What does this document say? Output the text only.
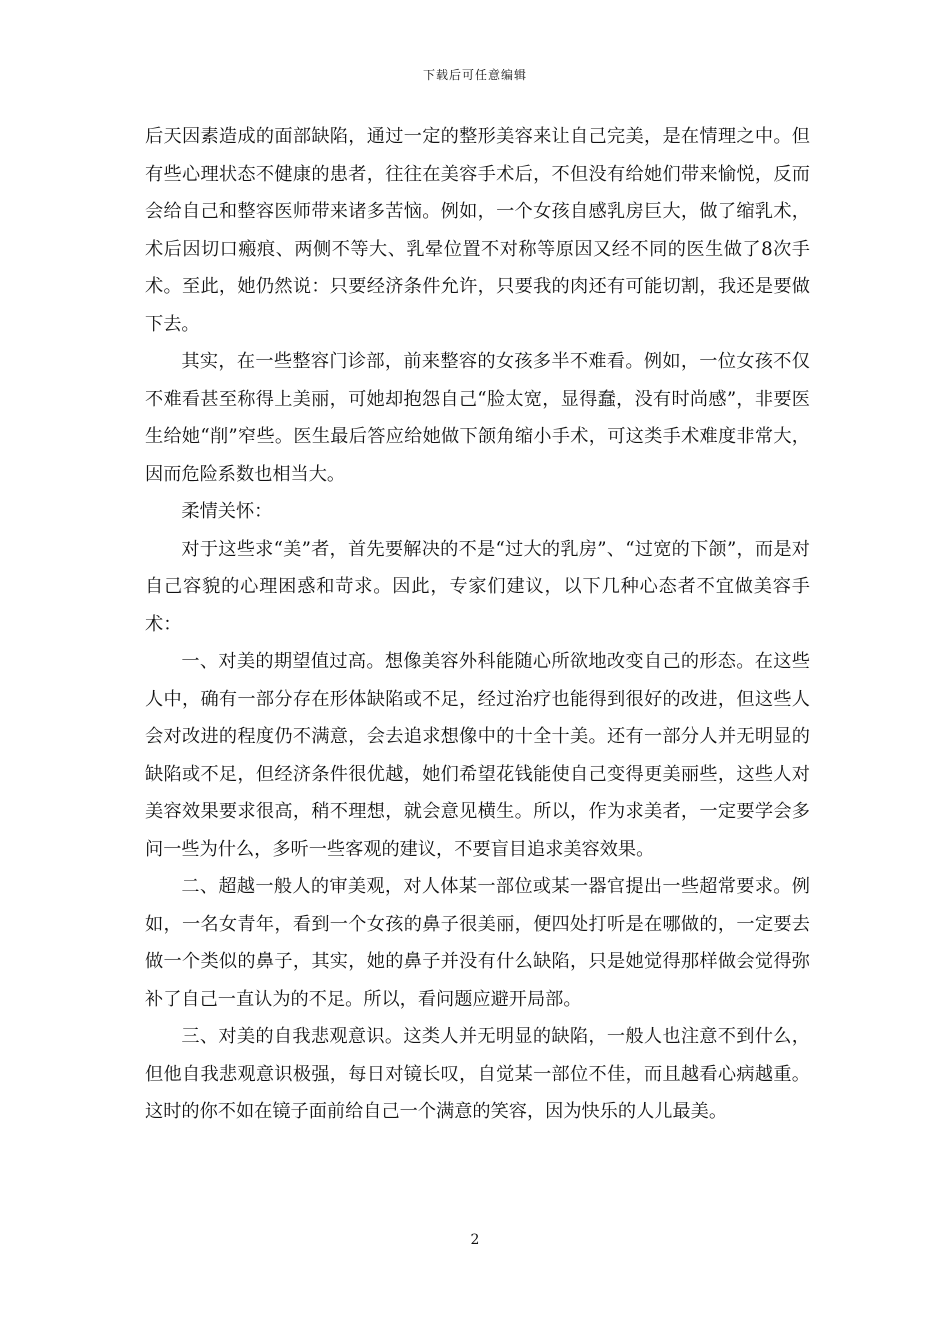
下载后可任意编辑

后天因素造成的面部缺陷，通过一定的整形美容来让自己完美，是在情理之中。但有些心理状态不健康的患者，往往在美容手术后，不但没有给她们带来愉悦，反而会给自己和整容医师带来诸多苦恼。例如，一个女孩自感乳房巨大，做了缩乳术，术后因切口瘢痕、两侧不等大、乳晕位置不对称等原因又经不同的医生做了8次手术。至此，她仍然说：只要经济条件允许，只要我的肉还有可能切割，我还是要做下去。

其实，在一些整容门诊部，前来整容的女孩多半不难看。例如，一位女孩不仅不难看甚至称得上美丽，可她却抱怨自己“脸太宽，显得蠢，没有时尚感”，非要医生给她“削”窄些。医生最后答应给她做下颌角缩小手术，可这类手术难度非常大，因而危险系数也相当大。

柔情关怀：

对于这些求“美”者，首先要解决的不是“过大的乳房”、“过宽的下颌”，而是对自己容貌的心理困惑和苛求。因此，专家们建议，以下几种心态者不宜做美容手术：

一、对美的期望值过高。想像美容外科能随心所欲地改变自己的形态。在这些人中，确有一部分存在形体缺陷或不足，经过治疗也能得到很好的改进，但这些人会对改进的程度仍不满意，会去追求想像中的十全十美。还有一部分人并无明显的缺陷或不足，但经济条件很优越，她们希望花钱能使自己变得更美丽些，这些人对美容效果要求很高，稍不理想，就会意见横生。所以，作为求美者，一定要学会多问一些为什么，多听一些客观的建议，不要盲目追求美容效果。

二、超越一般人的审美观，对人体某一部位或某一器官提出一些超常要求。例如，一名女青年，看到一个女孩的鼻子很美丽，便四处打听是在哪做的，一定要去做一个类似的鼻子，其实，她的鼻子并没有什么缺陷，只是她觉得那样做会觉得弥补了自己一直认为的不足。所以，看问题应避开局部。

三、对美的自我悲观意识。这类人并无明显的缺陷，一般人也注意不到什么，但他自我悲观意识极强，每日对镜长叹，自觉某一部位不佳，而且越看心病越重。这时的你不如在镜子面前给自己一个满意的笑容，因为快乐的人儿最美。

2
